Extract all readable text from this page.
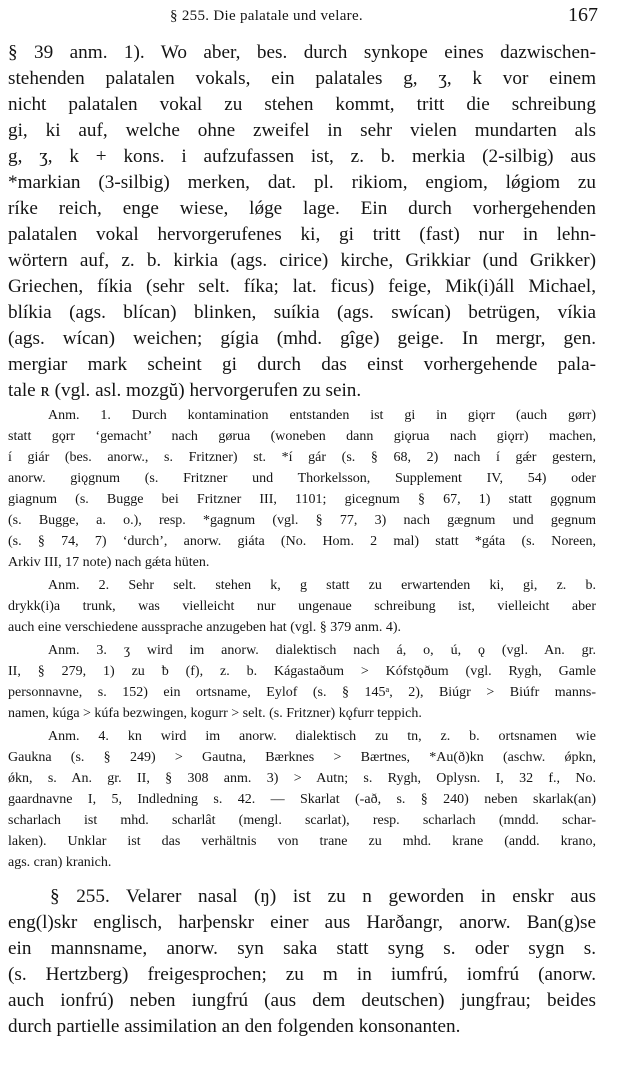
§ 255. Die palatale und velare.	167
§ 39 anm. 1). Wo aber, bes. durch synkope eines dazwischen-
stehenden palatalen vokals, ein palatales g, ʒ, k vor einem
nicht palatalen vokal zu stehen kommt, tritt die schreibung
gi, ki auf, welche ohne zweifel in sehr vielen mundarten als
g, ʒ, k + kons. i aufzufassen ist, z. b. merkia (2-silbig) aus
*markian (3-silbig) merken, dat. pl. rikiom, engiom, lǿgiom zu
ríke reich, enge wiese, lǿge lage. Ein durch vorhergehenden
palatalen vokal hervorgerufenes ki, gi tritt (fast) nur in lehn-
wörtern auf, z. b. kirkia (ags. cirice) kirche, Grikkiar (und Grikker)
Griechen, fíkia (sehr selt. fíka; lat. ficus) feige, Mik(i)áll Michael,
blíkia (ags. blícan) blinken, suíkia (ags. swícan) betrügen, víkia
(ags. wícan) weichen; gígia (mhd. gîge) geige. In mergr, gen.
mergiar mark scheint gi durch das einst vorhergehende pala-
tale ʀ (vgl. asl. mozgŭ) hervorgerufen zu sein.
Anm. 1. Durch kontamination entstanden ist gi in giǫrr (auch gørr)
statt gǫrr ‘gemacht’ nach gørua (woneben dann giǫrua nach giǫrr) machen,
í giár (bes. anorw., s. Fritzner) st. *í gár (s. § 68, 2) nach í gǽr gestern,
anorw. giǫgnum (s. Fritzner und Thorkelsson, Supplement IV, 54) oder
giagnum (s. Bugge bei Fritzner III, 1101; gicegnum § 67, 1) statt gǫgnum
(s. Bugge, a. o.), resp. *gagnum (vgl. § 77, 3) nach gægnum und gegnum
(s. § 74, 7) ‘durch’, anorw. giáta (No. Hom. 2 mal) statt *gáta (s. Noreen,
Arkiv III, 17 note) nach gǽta hüten.
Anm. 2. Sehr selt. stehen k, g statt zu erwartenden ki, gi, z. b.
drykk(i)a trunk, was vielleicht nur ungenaue schreibung ist, vielleicht aber
auch eine verschiedene aussprache anzugeben hat (vgl. § 379 anm. 4).
Anm. 3. ʒ wird im anorw. dialektisch nach á, o, ú, ǫ (vgl. An. gr.
II, § 279, 1) zu ƀ (f), z. b. Kágastaðum > Kófstǫðum (vgl. Rygh, Gamle
personnavne, s. 152) ein ortsname, Eylof (s. § 145ᵃ, 2), Biúgr > Biúfr manns-
namen, kúga > kúfa bezwingen, kogurr > selt. (s. Fritzner) kǫfurr teppich.
Anm. 4. kn wird im anorw. dialektisch zu tn, z. b. ortsnamen wie
Gaukna (s. § 249) > Gautna, Bærknes > Bærtnes, *Au(ð)kn (aschw. ǿpkn,
ǿkn, s. An. gr. II, § 308 anm. 3) > Autn; s. Rygh, Oplysn. I, 32 f., No.
gaardnavne I, 5, Indledning s. 42. — Skarlat (-að, s. § 240) neben skarlak(an)
scharlach ist mhd. scharlât (mengl. scarlat), resp. scharlach (mndd. schar-
laken). Unklar ist das verhältnis von trane zu mhd. krane (andd. krano,
ags. cran) kranich.
§ 255. Velarer nasal (ŋ) ist zu n geworden in enskr aus
eng(l)skr englisch, harþenskr einer aus Harðangr, anorw. Ban(g)se
ein mannsname, anorw. syn saka statt syng s. oder sygn s.
(s. Hertzberg) freigesprochen; zu m in iumfrú, iomfrú (anorw.
auch ionfrú) neben iungfrú (aus dem deutschen) jungfrau; beides
durch partielle assimilation an den folgenden konsonanten.
